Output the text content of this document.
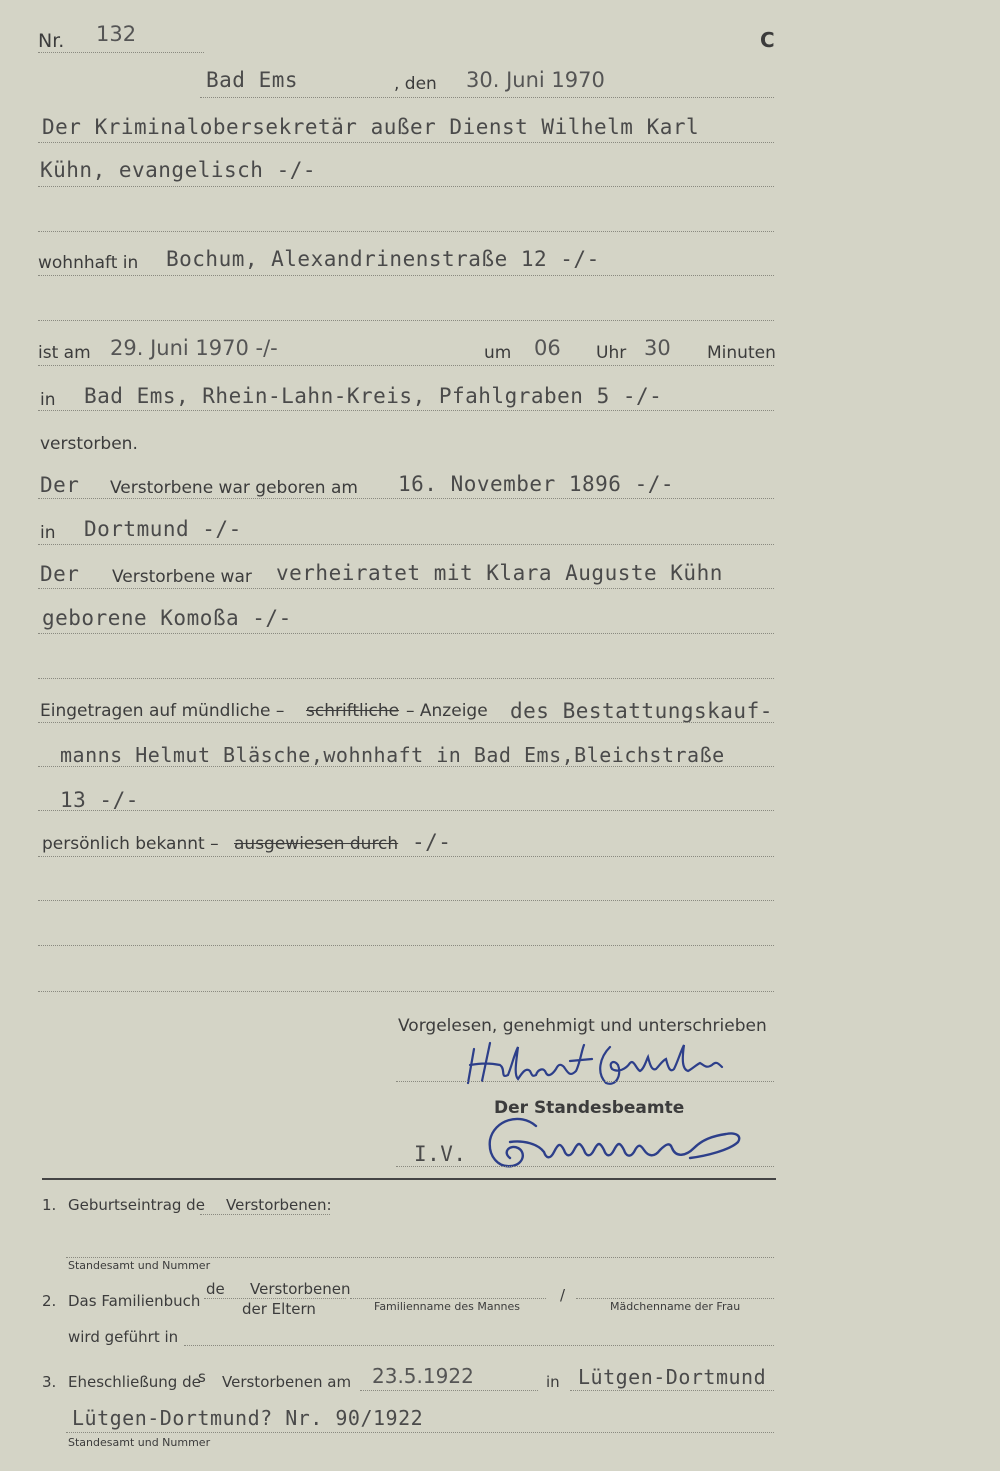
Nr. 132	C
Bad Ems	, den 30. Juni 1970
Der Kriminalobersekretär außer Dienst Wilhelm Karl
Kühn, evangelisch -/-
wohnhaft in Bochum, Alexandrinenstraße 12 -/-
ist am 29. Juni 1970 -/-	um 06 Uhr 30 Minuten
in Bad Ems, Rhein-Lahn-Kreis, Pfahlgraben 5 -/-
verstorben.
Der Verstorbene war geboren am 16. November 1896 -/-
in Dortmund -/-
Der Verstorbene war verheiratet mit Klara Auguste Kühn
geborene Komoßa -/-
Eingetragen auf mündliche – schriftliche – Anzeige des Bestattungskauf-
manns Helmut Bläsche,wohnhaft in Bad Ems,Bleichstraße
13 -/-
persönlich bekannt – ausgewiesen durch -/-
Vorgelesen, genehmigt und unterschrieben
Der Standesbeamte
I.V.
1. Geburtseintrag de Verstorbenen:
Standesamt und Nummer
2. Das Familienbuch
de Verstorbenen
der Eltern	Familienname des Mannes
/
Mädchenname der Frau
wird geführt in
3. Eheschließung de
s Verstorbenen am 23.5.1922	in Lütgen-Dortmund
Lütgen-Dortmund? Nr. 90/1922
Standesamt und Nummer
